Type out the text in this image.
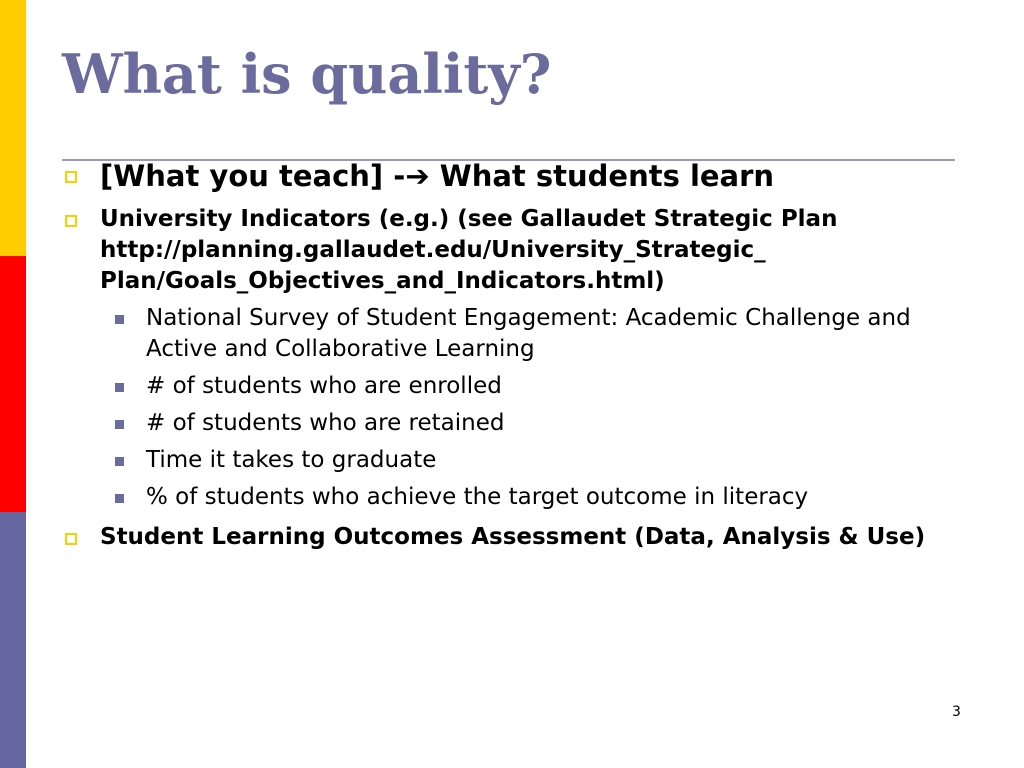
What is quality?
[What you teach] -➔ What students learn
University Indicators (e.g.) (see Gallaudet Strategic Plan
http://planning.gallaudet.edu/University_Strategic_
Plan/Goals_Objectives_and_Indicators.html)
National Survey of Student Engagement: Academic Challenge and Active and Collaborative Learning
# of students who are enrolled
# of students who are retained
Time it takes to graduate
% of students who achieve the target outcome in literacy
Student Learning Outcomes Assessment (Data, Analysis & Use)
3
